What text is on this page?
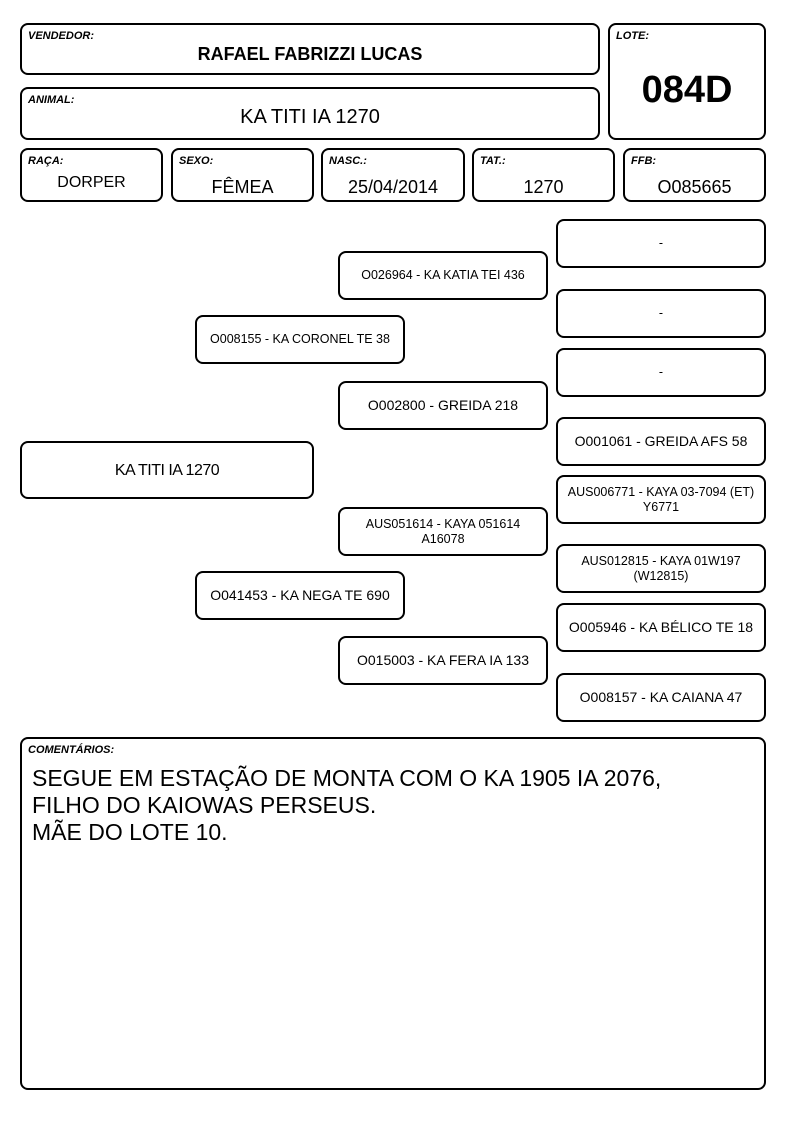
VENDEDOR:
RAFAEL FABRIZZI LUCAS
LOTE:
084D
ANIMAL:
KA TITI IA 1270
RAÇA:
DORPER
SEXO:
FÊMEA
NASC.:
25/04/2014
TAT.:
1270
FFB:
O085665
KA TITI IA 1270
O008155 - KA CORONEL TE 38
O041453 - KA NEGA TE 690
O026964 - KA KATIA TEI 436
O002800 - GREIDA 218
AUS051614 - KAYA 051614 A16078
O015003 - KA FERA IA 133
-
-
-
O001061 - GREIDA AFS 58
AUS006771 - KAYA 03-7094 (ET) Y6771
AUS012815 - KAYA 01W197 (W12815)
O005946 - KA BÉLICO TE 18
O008157 - KA CAIANA 47
COMENTÁRIOS:
SEGUE EM ESTAÇÃO DE MONTA COM O KA 1905 IA 2076,
FILHO DO KAIOWAS PERSEUS.
MÃE DO LOTE 10.
